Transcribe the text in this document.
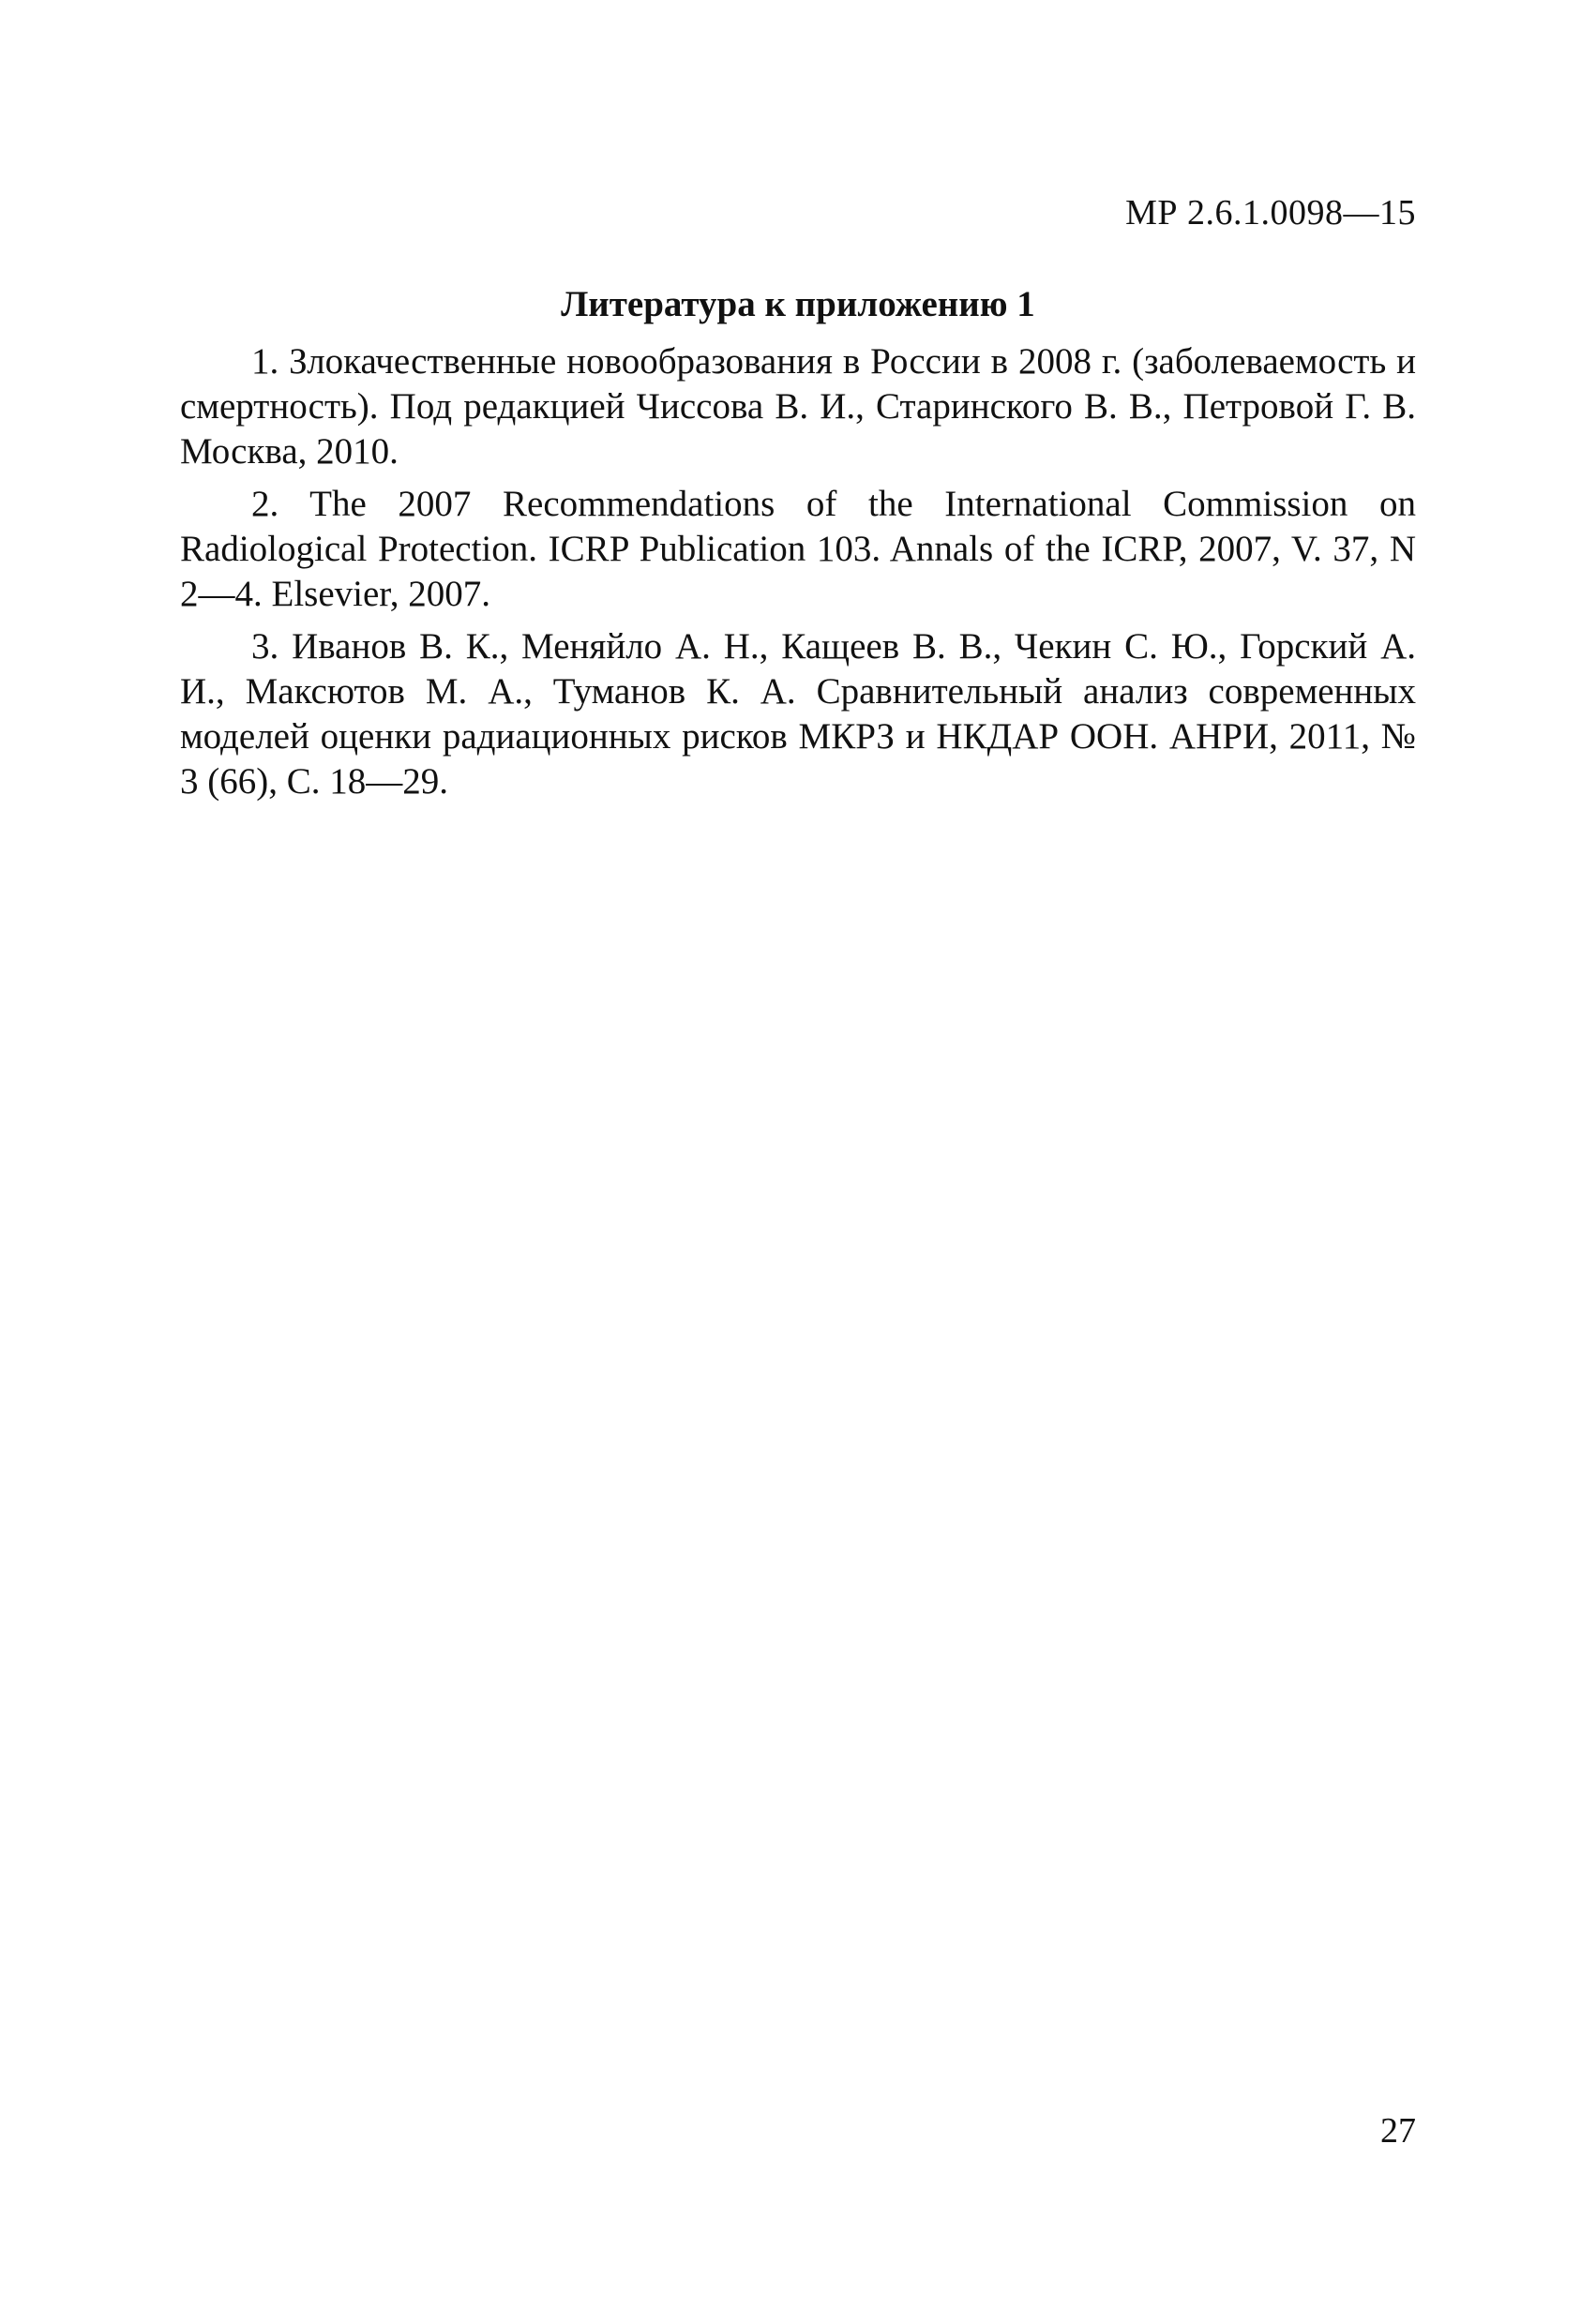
МР 2.6.1.0098—15
Литература к приложению 1

1. Злокачественные новообразования в России в 2008 г. (заболеваемость и смертность). Под редакцией Чиссова В. И., Старинского В. В., Петровой Г. В. Москва, 2010.

2. The 2007 Recommendations of the International Commission on Radiological Protection. ICRP Publication 103. Annals of the ICRP, 2007, V. 37, N 2—4. Elsevier, 2007.

3. Иванов В. К., Меняйло А. Н., Кащеев В. В., Чекин С. Ю., Горский А. И., Максютов М. А., Туманов К. А. Сравнительный анализ современных моделей оценки радиационных рисков МКРЗ и НКДАР ООН. АНРИ, 2011, № 3 (66), С. 18—29.

27
